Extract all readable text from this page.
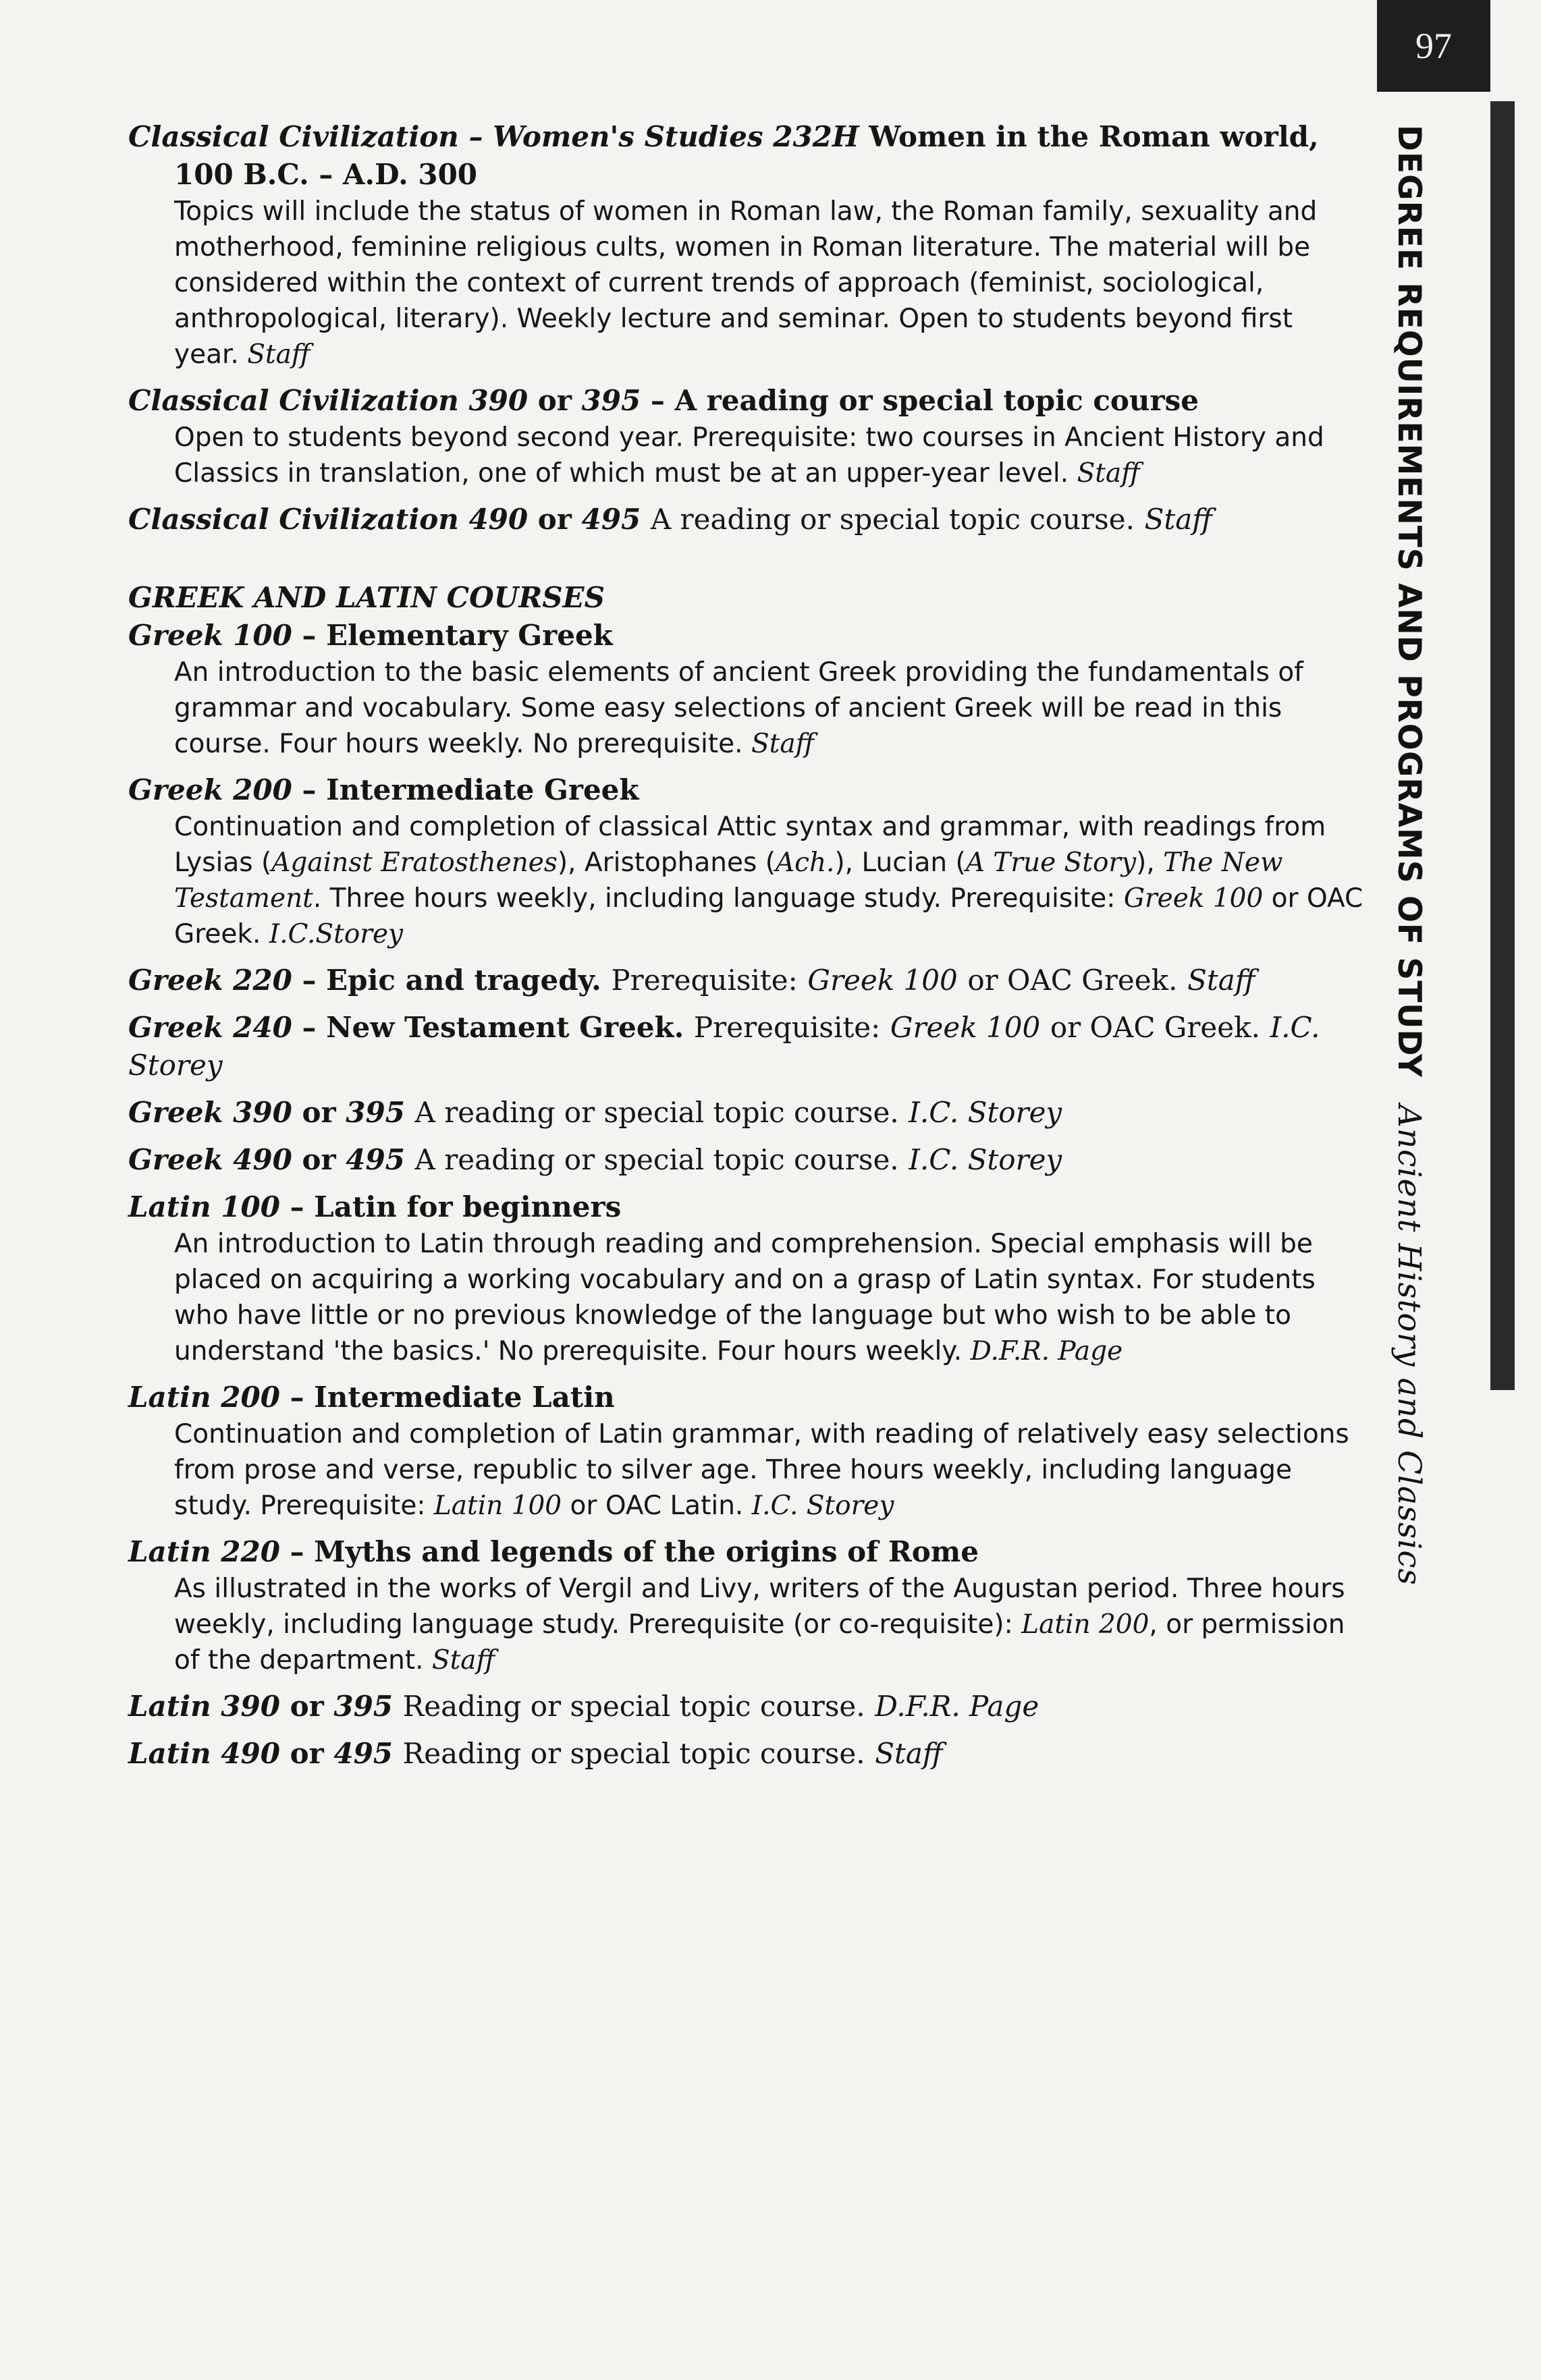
97
DEGREE REQUIREMENTS AND PROGRAMS OF STUDY Ancient History and Classics
Classical Civilization – Women's Studies 232H Women in the Roman world,
100 B.C. – A.D. 300

Topics will include the status of women in Roman law, the Roman family, sexuality and motherhood, feminine religious cults, women in Roman literature. The material will be considered within the context of current trends of approach (feminist, sociological, anthropological, literary). Weekly lecture and seminar. Open to students beyond first year. Staff

Classical Civilization 390 or 395 – A reading or special topic course

Open to students beyond second year. Prerequisite: two courses in Ancient History and Classics in translation, one of which must be at an upper-year level. Staff

Classical Civilization 490 or 495 A reading or special topic course. Staff
GREEK AND LATIN COURSES
Greek 100 – Elementary Greek

An introduction to the basic elements of ancient Greek providing the fundamentals of grammar and vocabulary. Some easy selections of ancient Greek will be read in this course. Four hours weekly. No prerequisite. Staff

Greek 200 – Intermediate Greek

Continuation and completion of classical Attic syntax and grammar, with readings from Lysias (Against Eratosthenes), Aristophanes (Ach.), Lucian (A True Story), The New Testament. Three hours weekly, including language study. Prerequisite: Greek 100 or OAC Greek. I.C.Storey

Greek 220 – Epic and tragedy. Prerequisite: Greek 100 or OAC Greek. Staff
Greek 240 – New Testament Greek. Prerequisite: Greek 100 or OAC Greek. I.C. Storey
Greek 390 or 395 A reading or special topic course. I.C. Storey
Greek 490 or 495 A reading or special topic course. I.C. Storey
Latin 100 – Latin for beginners

An introduction to Latin through reading and comprehension. Special emphasis will be placed on acquiring a working vocabulary and on a grasp of Latin syntax. For students who have little or no previous knowledge of the language but who wish to be able to understand 'the basics.' No prerequisite. Four hours weekly. D.F.R. Page

Latin 200 – Intermediate Latin

Continuation and completion of Latin grammar, with reading of relatively easy selections from prose and verse, republic to silver age. Three hours weekly, including language study. Prerequisite: Latin 100 or OAC Latin. I.C. Storey

Latin 220 – Myths and legends of the origins of Rome

As illustrated in the works of Vergil and Livy, writers of the Augustan period. Three hours weekly, including language study. Prerequisite (or co-requisite): Latin 200, or permission of the department. Staff

Latin 390 or 395 Reading or special topic course. D.F.R. Page
Latin 490 or 495 Reading or special topic course. Staff
